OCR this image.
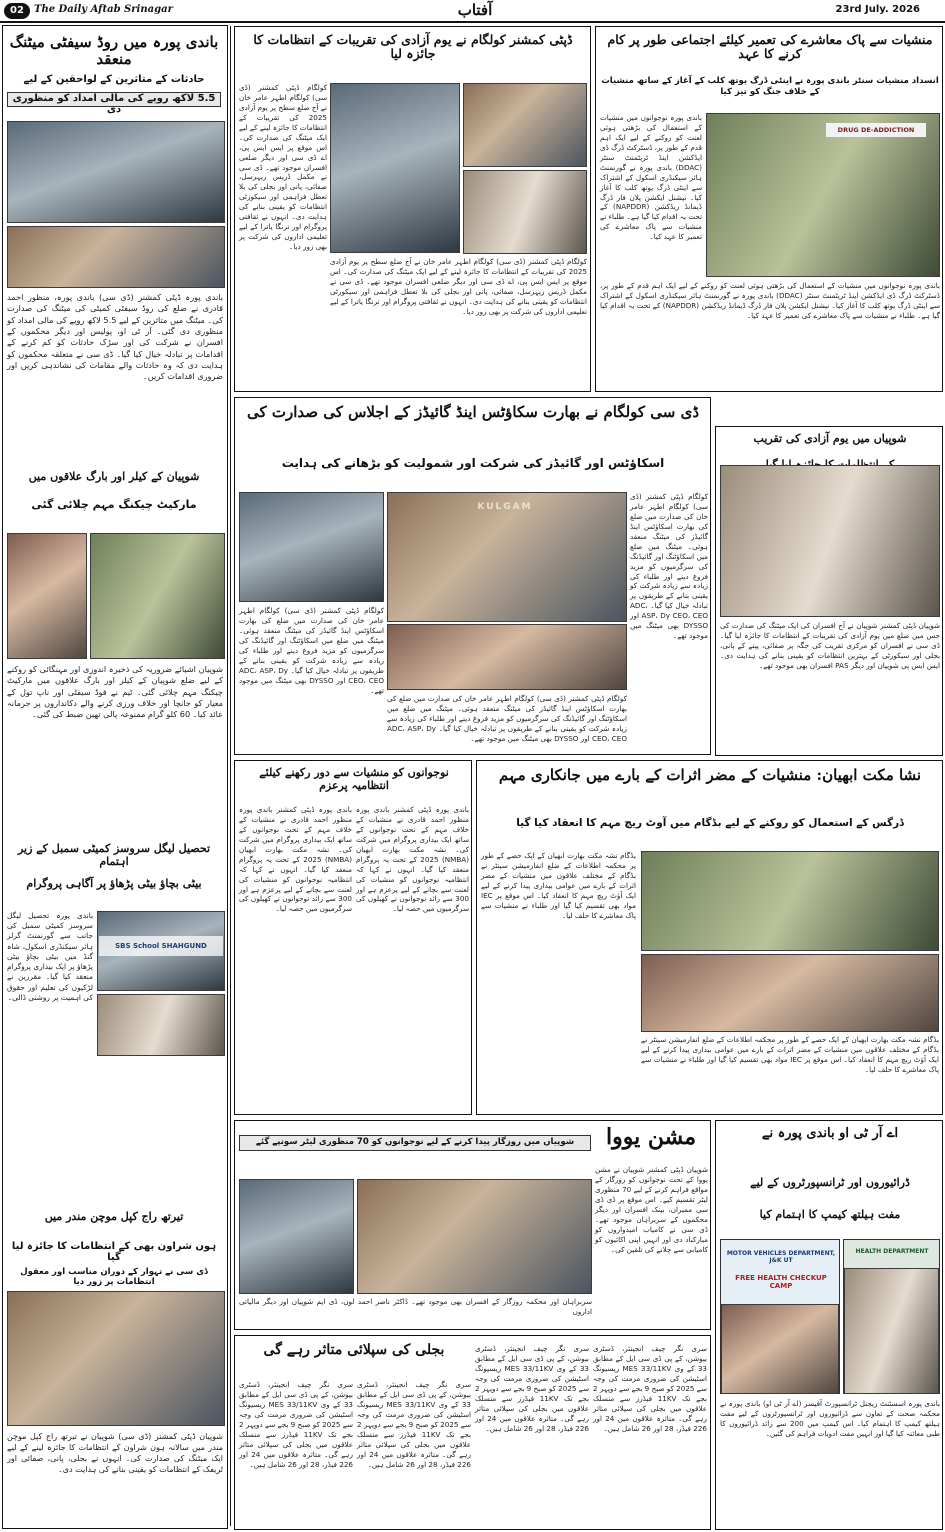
02	The Daily Aftab Srinagar	آفتاب	23rd July. 2026
باندی پورہ میں روڈ سیفٹی میٹنگ منعقد
حادثات کے متاثرین کے لواحقین کے لیے
5.5 لاکھ روپے کی مالی امداد کو منظوری دی
باندی پورہ ڈپٹی کمشنر (ڈی سی) باندی پورہ، منظور احمد قادری نے ضلع کی روڈ سیفٹی کمیٹی کی میٹنگ کی صدارت کی۔ میٹنگ میں متاثرین کے لیے 5.5 لاکھ روپے کی مالی امداد کو منظوری دی گئی۔ آر ٹی او، پولیس اور دیگر محکموں کے افسران نے شرکت کی اور سڑک حادثات کو کم کرنے کے اقدامات پر تبادلہ خیال کیا گیا۔ ڈی سی نے متعلقہ محکموں کو ہدایت دی کہ وہ حادثات والے مقامات کی نشاندہی کریں اور ضروری اقدامات کریں۔
شوپیان کے کیلر اور بارگ علاقوں میں
مارکیٹ چیکنگ مہم چلائی گئی
شوپیان اشیائے ضروریہ کی ذخیرہ اندوزی اور مہنگائی کو روکنے کے لیے ضلع شوپیان کے کیلر اور بارگ علاقوں میں مارکیٹ چیکنگ مہم چلائی گئی۔ ٹیم نے فوڈ سیفٹی اور ناپ تول کے معیار کو جانچا اور خلاف ورزی کرنے والے دکانداروں پر جرمانہ عائد کیا۔ 60 کلو گرام ممنوعہ پالی تھین ضبط کی گئی۔
تحصیل لیگل سروسز کمیٹی سمبل کے زیر اہتمام
بیٹی بچاؤ بیٹی پڑھاؤ پر آگاہی پروگرام
SBS School SHAHGUND
باندی پورہ تحصیل لیگل سروسز کمیٹی سمبل کی جانب سے گورنمنٹ گرلز ہائر سیکنڈری اسکول، شاہ گنڈ میں بیٹی بچاؤ بیٹی پڑھاؤ پر ایک بیداری پروگرام منعقد کیا گیا۔ مقررین نے لڑکیوں کی تعلیم اور حقوق کی اہمیت پر روشنی ڈالی۔
تیرتھ راج کپل موچن مندر میں
ہون شراون بھی کے انتظامات کا جائزہ لیا گیا
ڈی سی نے تہوار کے دوران مناسب اور معقول انتظامات پر زور دیا
شوپیان ڈپٹی کمشنر (ڈی سی) شوپیان نے تیرتھ راج کپل موچن مندر میں سالانہ ہون شراون کے انتظامات کا جائزہ لینے کے لیے ایک میٹنگ کی صدارت کی۔ انہوں نے بجلی، پانی، صفائی اور ٹریفک کے انتظامات کو یقینی بنانے کی ہدایت دی۔
ڈپٹی کمشنر کولگام نے یوم آزادی کی تقریبات کے انتظامات کا جائزہ لیا
کولگام ڈپٹی کمشنر (ڈی سی) کولگام اطہر عامر خان نے آج ضلع سطح پر یوم آزادی 2025 کی تقریبات کے انتظامات کا جائزہ لینے کے لیے ایک میٹنگ کی صدارت کی۔ اس موقع پر ایس ایس پی، اے ڈی سی اور دیگر ضلعی افسران موجود تھے۔ ڈی سی نے مکمل ڈریس ریہرسل، صفائی، پانی اور بجلی کی بلا تعطل فراہمی اور سیکورٹی انتظامات کو یقینی بنانے کی ہدایت دی۔ انہوں نے ثقافتی پروگرام اور ترنگا یاترا کے لیے تعلیمی اداروں کی شرکت پر بھی زور دیا۔
کولگام ڈپٹی کمشنر (ڈی سی) کولگام اطہر عامر خان نے آج ضلع سطح پر یوم آزادی 2025 کی تقریبات کے انتظامات کا جائزہ لینے کے لیے ایک میٹنگ کی صدارت کی۔ اس موقع پر ایس ایس پی، اے ڈی سی اور دیگر ضلعی افسران موجود تھے۔ ڈی سی نے مکمل ڈریس ریہرسل، صفائی، پانی اور بجلی کی بلا تعطل فراہمی اور سیکورٹی انتظامات کو یقینی بنانے کی ہدایت دی۔ انہوں نے ثقافتی پروگرام اور ترنگا یاترا کے لیے تعلیمی اداروں کی شرکت پر بھی زور دیا۔
منشیات سے پاک معاشرے کی تعمیر کیلئے اجتماعی طور پر کام کرنے کا عہد
انسداد منشیات سنٹر باندی پورہ نے اینٹی ڈرگ یوتھ کلب کے آغاز کے ساتھ منشیات کے خلاف جنگ کو تیز کیا
DRUG DE-ADDICTION
باندی پورہ نوجوانوں میں منشیات کے استعمال کی بڑھتی ہوئی لعنت کو روکنے کے لیے ایک اہم قدم کے طور پر، ڈسٹرکٹ ڈرگ ڈی ایڈکشن اینڈ ٹریٹمنٹ سنٹر (DDAC) باندی پورہ نے گورنمنٹ ہائر سیکنڈری اسکول کے اشتراک سے اینٹی ڈرگ یوتھ کلب کا آغاز کیا۔ نیشنل ایکشن پلان فار ڈرگ ڈیمانڈ ریڈکشن (NAPDDR) کے تحت یہ اقدام کیا گیا ہے۔ طلباء نے منشیات سے پاک معاشرے کی تعمیر کا عہد کیا۔
باندی پورہ نوجوانوں میں منشیات کے استعمال کی بڑھتی ہوئی لعنت کو روکنے کے لیے ایک اہم قدم کے طور پر، ڈسٹرکٹ ڈرگ ڈی ایڈکشن اینڈ ٹریٹمنٹ سنٹر (DDAC) باندی پورہ نے گورنمنٹ ہائر سیکنڈری اسکول کے اشتراک سے اینٹی ڈرگ یوتھ کلب کا آغاز کیا۔ نیشنل ایکشن پلان فار ڈرگ ڈیمانڈ ریڈکشن (NAPDDR) کے تحت یہ اقدام کیا گیا ہے۔ طلباء نے منشیات سے پاک معاشرے کی تعمیر کا عہد کیا۔
ڈی سی کولگام نے بھارت سکاؤٹس اینڈ گائیڈز کے اجلاس کی صدارت کی
اسکاؤٹس اور گائیڈز کی شرکت اور شمولیت کو بڑھانے کی ہدایت
KULGAM
کولگام ڈپٹی کمشنر (ڈی سی) کولگام اطہر عامر خان کی صدارت میں ضلع کی بھارت اسکاؤٹس اینڈ گائیڈز کی میٹنگ منعقد ہوئی۔ میٹنگ میں ضلع میں اسکاؤٹنگ اور گائیڈنگ کی سرگرمیوں کو مزید فروغ دینے اور طلباء کی زیادہ سے زیادہ شرکت کو یقینی بنانے کے طریقوں پر تبادلہ خیال کیا گیا۔ ADC، ASP، Dy CEO، CEO اور DYSSO بھی میٹنگ میں موجود تھے۔
کولگام ڈپٹی کمشنر (ڈی سی) کولگام اطہر عامر خان کی صدارت میں ضلع کی بھارت اسکاؤٹس اینڈ گائیڈز کی میٹنگ منعقد ہوئی۔ میٹنگ میں ضلع میں اسکاؤٹنگ اور گائیڈنگ کی سرگرمیوں کو مزید فروغ دینے اور طلباء کی زیادہ سے زیادہ شرکت کو یقینی بنانے کے طریقوں پر تبادلہ خیال کیا گیا۔ ADC، ASP، Dy CEO، CEO اور DYSSO بھی میٹنگ میں موجود تھے۔
کولگام ڈپٹی کمشنر (ڈی سی) کولگام اطہر عامر خان کی صدارت میں ضلع کی بھارت اسکاؤٹس اینڈ گائیڈز کی میٹنگ منعقد ہوئی۔ میٹنگ میں ضلع میں اسکاؤٹنگ اور گائیڈنگ کی سرگرمیوں کو مزید فروغ دینے اور طلباء کی زیادہ سے زیادہ شرکت کو یقینی بنانے کے طریقوں پر تبادلہ خیال کیا گیا۔ ADC، ASP، Dy CEO، CEO اور DYSSO بھی میٹنگ میں موجود تھے۔
شوپیاں میں یوم آزادی کی تقریب
شوپیان ڈپٹی کمشنر شوپیان نے آج افسران کی ایک میٹنگ کی صدارت کی جس میں ضلع میں یوم آزادی کی تقریبات کے انتظامات کا جائزہ لیا گیا۔ ڈی سی نے افسران کو مرکزی تقریب کی جگہ پر صفائی، پینے کے پانی، بجلی اور سیکورٹی کے بہترین انتظامات کو یقینی بنانے کی ہدایت دی۔ ایس ایس پی شوپیان اور دیگر PAS افسران بھی موجود تھے۔
نوجوانوں کو منشیات سے دور رکھنے کیلئے انتظامیہ پرعزم
باندی پورہ ڈپٹی کمشنر باندی پورہ منظور احمد قادری نے منشیات کے خلاف مہم کے تحت نوجوانوں کے ساتھ ایک بیداری پروگرام میں شرکت کی۔ نشہ مکت بھارت ابھیان (NMBA) 2025 کے تحت یہ پروگرام منعقد کیا گیا۔ انہوں نے کہا کہ انتظامیہ نوجوانوں کو منشیات کی لعنت سے بچانے کے لیے پرعزم ہے اور 300 سے زائد نوجوانوں نے کھیلوں کی سرگرمیوں میں حصہ لیا۔
باندی پورہ ڈپٹی کمشنر باندی پورہ منظور احمد قادری نے منشیات کے خلاف مہم کے تحت نوجوانوں کے ساتھ ایک بیداری پروگرام میں شرکت کی۔ نشہ مکت بھارت ابھیان (NMBA) 2025 کے تحت یہ پروگرام منعقد کیا گیا۔ انہوں نے کہا کہ انتظامیہ نوجوانوں کو منشیات کی لعنت سے بچانے کے لیے پرعزم ہے اور 300 سے زائد نوجوانوں نے کھیلوں کی سرگرمیوں میں حصہ لیا۔
نشا مکت ابھیان: منشیات کے مضر اثرات کے بارے میں جانکاری مہم
ڈرگس کے استعمال کو روکنے کے لیے بڈگام میں آوٹ ریچ مہم کا انعقاد کیا گیا
بڈگام نشہ مکت بھارت ابھیان کے ایک حصے کے طور پر محکمہ اطلاعات کے ضلع انفارمیشن سینٹر نے بڈگام کے مختلف علاقوں میں منشیات کے مضر اثرات کے بارے میں عوامی بیداری پیدا کرنے کے لیے ایک آؤٹ ریچ مہم کا انعقاد کیا۔ اس موقع پر IEC مواد بھی تقسیم کیا گیا اور طلباء نے منشیات سے پاک معاشرے کا حلف لیا۔
بڈگام نشہ مکت بھارت ابھیان کے ایک حصے کے طور پر محکمہ اطلاعات کے ضلع انفارمیشن سینٹر نے بڈگام کے مختلف علاقوں میں منشیات کے مضر اثرات کے بارے میں عوامی بیداری پیدا کرنے کے لیے ایک آؤٹ ریچ مہم کا انعقاد کیا۔ اس موقع پر IEC مواد بھی تقسیم کیا گیا اور طلباء نے منشیات سے پاک معاشرے کا حلف لیا۔
مشن یووا
شوپیاں میں روزگار پیدا کرنے کے لیے نوجوانوں کو 70 منظوری لیٹر سونپے گئے
سربراہان اور محکمہ روزگار کے افسران بھی موجود تھے۔ ڈاکٹر ناصر احمد لون، ڈی ایم شوپیان اور دیگر مالیاتی اداروں
شوپیان ڈپٹی کمشنر شوپیان نے مشن یووا کے تحت نوجوانوں کو روزگار کے مواقع فراہم کرنے کے لیے 70 منظوری لیٹر تقسیم کیے۔ اس موقع پر ڈی ڈی سی ممبران، بینک افسران اور دیگر محکموں کے سربراہان موجود تھے۔ ڈی سی نے کامیاب امیدواروں کو مبارکباد دی اور انہیں اپنی اکائیوں کو کامیابی سے چلانے کی تلقین کی۔
بجلی کی سپلائی متاثر رہے گی
سری نگر چیف انجینئر، ڈسٹری بیوشن، کے پی ڈی سی ایل کے مطابق 33 کے وی MES 33/11KV ریسیونگ اسٹیشن کی ضروری مرمت کی وجہ سے 2025 کو صبح 9 بجے سے دوپہر 2 بجے تک 11KV فیڈرز سے منسلک علاقوں میں بجلی کی سپلائی متاثر رہے گی۔ متاثرہ علاقوں میں 24 اور 226 فیڈر، 28 اور 26 شامل ہیں۔
سری نگر چیف انجینئر، ڈسٹری بیوشن، کے پی ڈی سی ایل کے مطابق 33 کے وی MES 33/11KV ریسیونگ اسٹیشن کی ضروری مرمت کی وجہ سے 2025 کو صبح 9 بجے سے دوپہر 2 بجے تک 11KV فیڈرز سے منسلک علاقوں میں بجلی کی سپلائی متاثر رہے گی۔ متاثرہ علاقوں میں 24 اور 226 فیڈر، 28 اور 26 شامل ہیں۔
سری نگر چیف انجینئر، ڈسٹری بیوشن، کے پی ڈی سی ایل کے مطابق 33 کے وی MES 33/11KV ریسیونگ اسٹیشن کی ضروری مرمت کی وجہ سے 2025 کو صبح 9 بجے سے دوپہر 2 بجے تک 11KV فیڈرز سے منسلک علاقوں میں بجلی کی سپلائی متاثر رہے گی۔ متاثرہ علاقوں میں 24 اور 226 فیڈر، 28 اور 26 شامل ہیں۔
سری نگر چیف انجینئر، ڈسٹری بیوشن، کے پی ڈی سی ایل کے مطابق 33 کے وی MES 33/11KV ریسیونگ اسٹیشن کی ضروری مرمت کی وجہ سے 2025 کو صبح 9 بجے سے دوپہر 2 بجے تک 11KV فیڈرز سے منسلک علاقوں میں بجلی کی سپلائی متاثر رہے گی۔ متاثرہ علاقوں میں 24 اور 226 فیڈر، 28 اور 26 شامل ہیں۔
اے آر ٹی او باندی پورہ نے
ڈرائیوروں اور ٹرانسپورٹروں کے لیے
مفت ہیلتھ کیمپ کا اہتمام کیا
MOTOR VEHICLES DEPARTMENT, J&K UT
FREE HEALTH CHECKUP CAMP
HEALTH DEPARTMENT
باندی پورہ اسسٹنٹ ریجنل ٹرانسپورٹ آفیسر (اے آر ٹی او) باندی پورہ نے محکمہ صحت کے تعاون سے ڈرائیوروں اور ٹرانسپورٹروں کے لیے مفت ہیلتھ کیمپ کا اہتمام کیا۔ اس کیمپ میں 200 سے زائد ڈرائیوروں کا طبی معائنہ کیا گیا اور انہیں مفت ادویات فراہم کی گئیں۔
